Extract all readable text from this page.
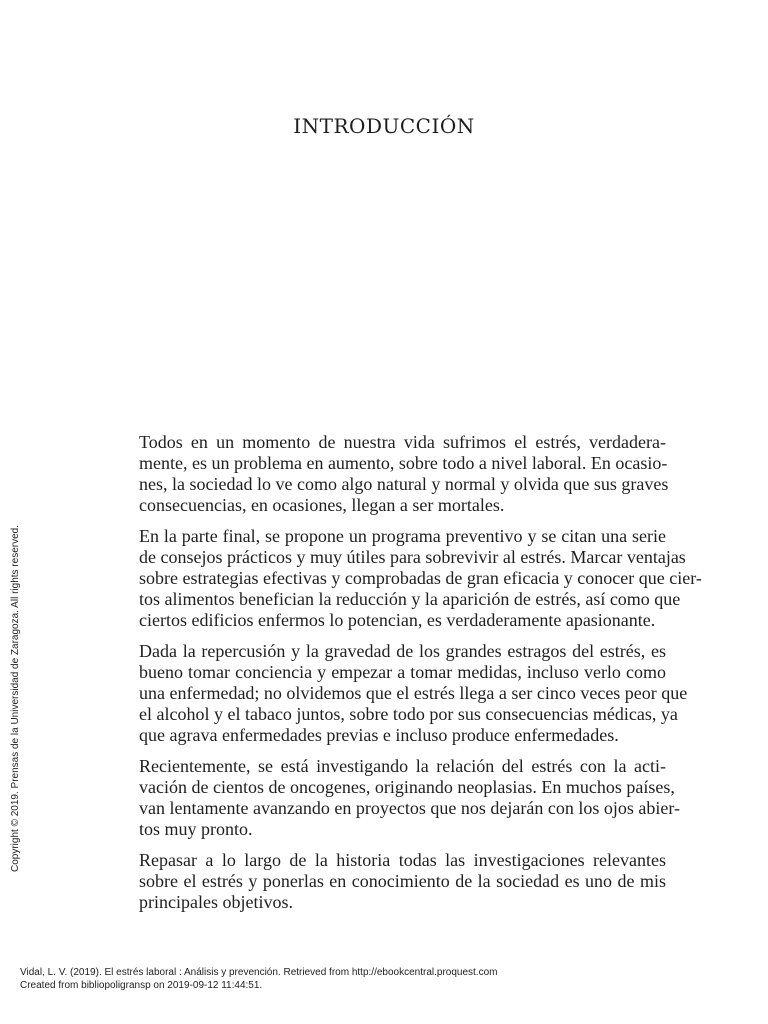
INTRODUCCIÓN

Todos en un momento de nuestra vida sufrimos el estrés, verdadera-
mente, es un problema en aumento, sobre todo a nivel laboral. En ocasio-
nes, la sociedad lo ve como algo natural y normal y olvida que sus graves
consecuencias, en ocasiones, llegan a ser mortales.

En la parte final, se propone un programa preventivo y se citan una serie
de consejos prácticos y muy útiles para sobrevivir al estrés. Marcar ventajas
sobre estrategias efectivas y comprobadas de gran eficacia y conocer que cier-
tos alimentos benefician la reducción y la aparición de estrés, así como que
ciertos edificios enfermos lo potencian, es verdaderamente apasionante.

Dada la repercusión y la gravedad de los grandes estragos del estrés, es
bueno tomar conciencia y empezar a tomar medidas, incluso verlo como
una enfermedad; no olvidemos que el estrés llega a ser cinco veces peor que
el alcohol y el tabaco juntos, sobre todo por sus consecuencias médicas, ya
que agrava enfermedades previas e incluso produce enfermedades.

Recientemente, se está investigando la relación del estrés con la acti-
vación de cientos de oncogenes, originando neoplasias. En muchos países,
van lentamente avanzando en proyectos que nos dejarán con los ojos abier-
tos muy pronto.

Repasar a lo largo de la historia todas las investigaciones relevantes
sobre el estrés y ponerlas en conocimiento de la sociedad es uno de mis
principales objetivos.

Copyright © 2019. Prensas de la Universidad de Zaragoza. All rights reserved.
Vidal, L. V. (2019). El estrés laboral : Análisis y prevención. Retrieved from http://ebookcentral.proquest.com
Created from bibliopoligransp on 2019-09-12 11:44:51.
